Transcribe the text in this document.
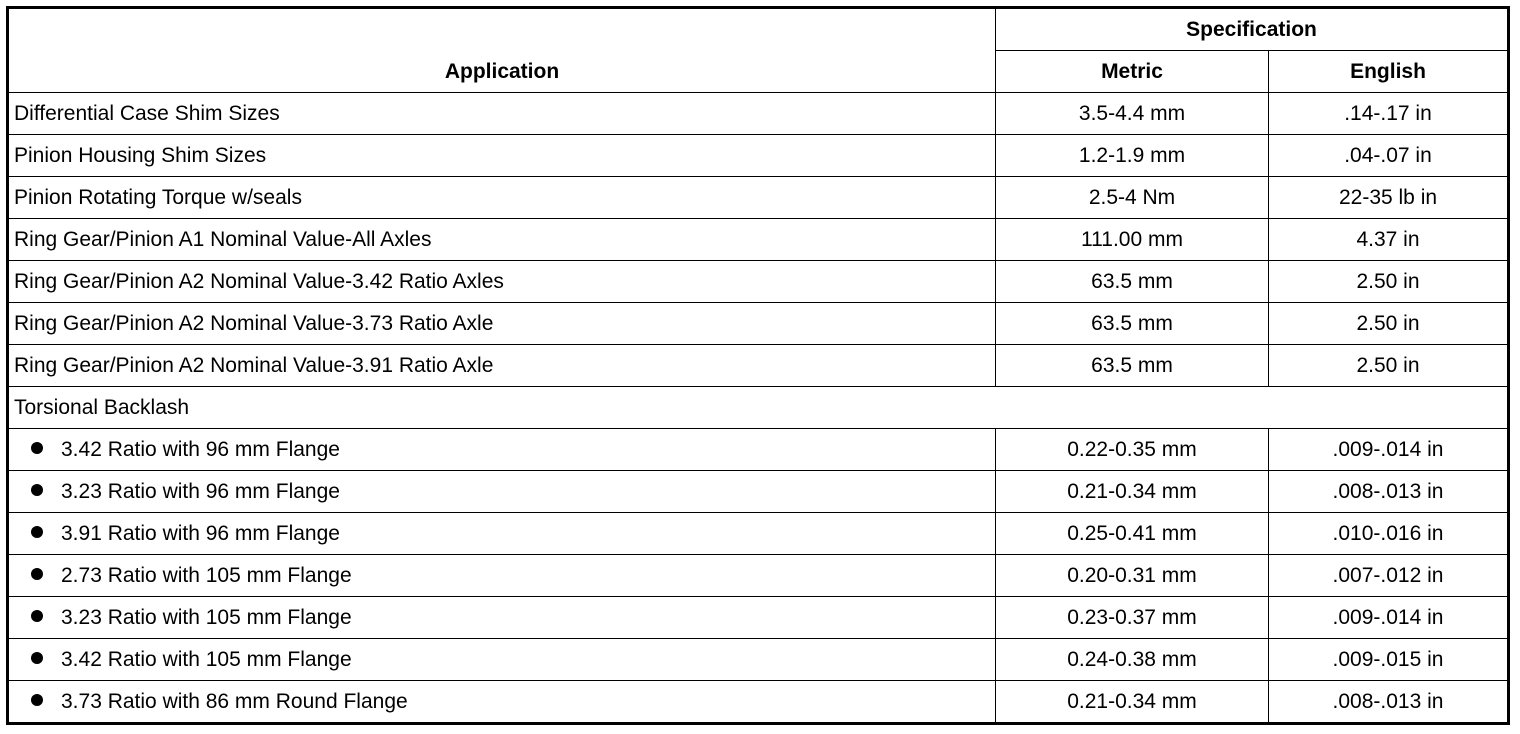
Application	Specification	
	Metric	English
Differential Case Shim Sizes	3.5-4.4 mm	.14-.17 in
Pinion Housing Shim Sizes	1.2-1.9 mm	.04-.07 in
Pinion Rotating Torque w/seals	2.5-4 Nm	22-35 lb in
Ring Gear/Pinion A1 Nominal Value-All Axles	111.00 mm	4.37 in
Ring Gear/Pinion A2 Nominal Value-3.42 Ratio Axles	63.5 mm	2.50 in
Ring Gear/Pinion A2 Nominal Value-3.73 Ratio Axle	63.5 mm	2.50 in
Ring Gear/Pinion A2 Nominal Value-3.91 Ratio Axle	63.5 mm	2.50 in
Torsional Backlash		
3.42 Ratio with 96 mm Flange	0.22-0.35 mm	.009-.014 in
3.23 Ratio with 96 mm Flange	0.21-0.34 mm	.008-.013 in
3.91 Ratio with 96 mm Flange	0.25-0.41 mm	.010-.016 in
2.73 Ratio with 105 mm Flange	0.20-0.31 mm	.007-.012 in
3.23 Ratio with 105 mm Flange	0.23-0.37 mm	.009-.014 in
3.42 Ratio with 105 mm Flange	0.24-0.38 mm	.009-.015 in
3.73 Ratio with 86 mm Round Flange	0.21-0.34 mm	.008-.013 in
